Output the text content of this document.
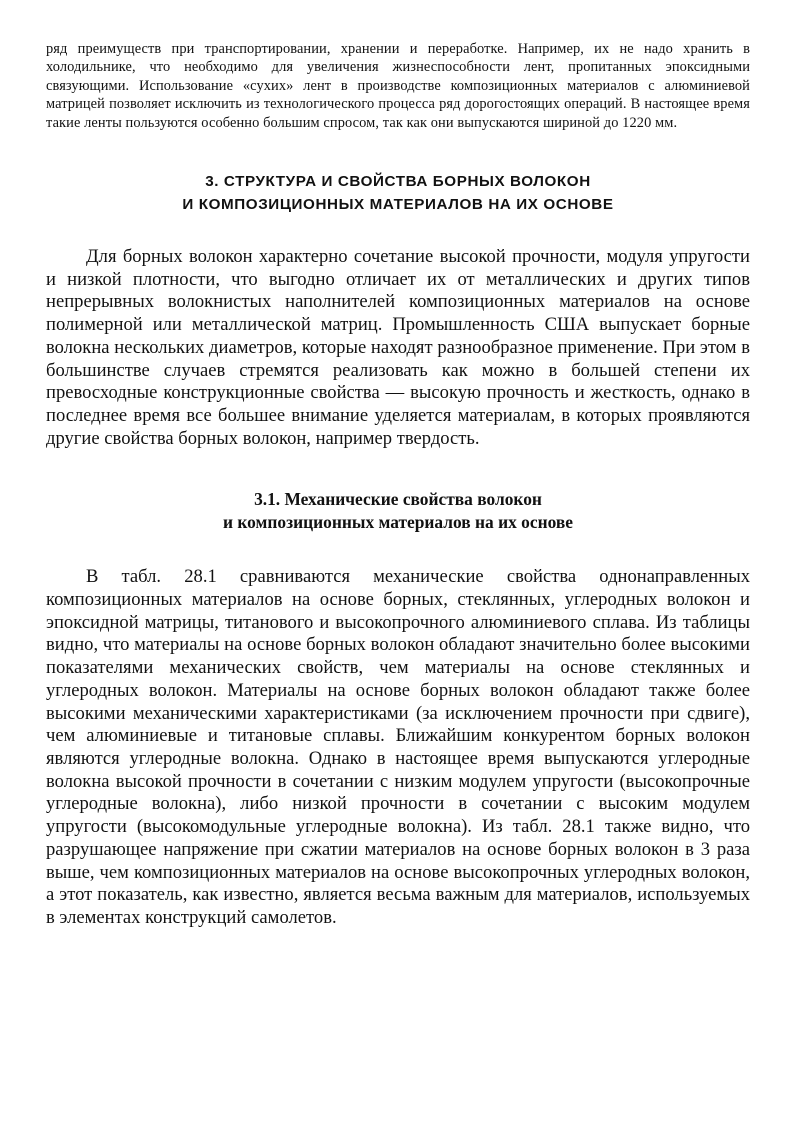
ряд преимуществ при транспортировании, хранении и переработке. Например, их не надо хранить в холодильнике, что необходимо для увеличения жизнеспособности лент, пропитанных эпоксидными связующими. Использование «сухих» лент в производстве композиционных материалов с алюминиевой матрицей позволяет исключить из технологического процесса ряд дорогостоящих операций. В настоящее время такие ленты пользуются особенно большим спросом, так как они выпускаются шириной до 1220 мм.

3. СТРУКТУРА И СВОЙСТВА БОРНЫХ ВОЛОКОН
И КОМПОЗИЦИОННЫХ МАТЕРИАЛОВ НА ИХ ОСНОВЕ

Для борных волокон характерно сочетание высокой прочности, модуля упругости и низкой плотности, что выгодно отличает их от металлических и других типов непрерывных волокнистых наполнителей композиционных материалов на основе полимерной или металлической матриц. Промышленность США выпускает борные волокна нескольких диаметров, которые находят разнообразное применение. При этом в большинстве случаев стремятся реализовать как можно в большей степени их превосходные конструкционные свойства — высокую прочность и жесткость, однако в последнее время все большее внимание уделяется материалам, в которых проявляются другие свойства борных волокон, например твердость.

3.1. Механические свойства волокон
и композиционных материалов на их основе

В табл. 28.1 сравниваются механические свойства однонаправленных композиционных материалов на основе борных, стеклянных, углеродных волокон и эпоксидной матрицы, титанового и высокопрочного алюминиевого сплава. Из таблицы видно, что материалы на основе борных волокон обладают значительно более высокими показателями механических свойств, чем материалы на основе стеклянных и углеродных волокон. Материалы на основе борных волокон обладают также более высокими механическими характеристиками (за исключением прочности при сдвиге), чем алюминиевые и титановые сплавы. Ближайшим конкурентом борных волокон являются углеродные волокна. Однако в настоящее время выпускаются углеродные волокна высокой прочности в сочетании с низким модулем упругости (высокопрочные углеродные волокна), либо низкой прочности в сочетании с высоким модулем упругости (высокомодульные углеродные волокна). Из табл. 28.1 также видно, что разрушающее напряжение при сжатии материалов на основе борных волокон в 3 раза выше, чем композиционных материалов на основе высокопрочных углеродных волокон, а этот показатель, как известно, является весьма важным для материалов, используемых в элементах конструкций самолетов.
